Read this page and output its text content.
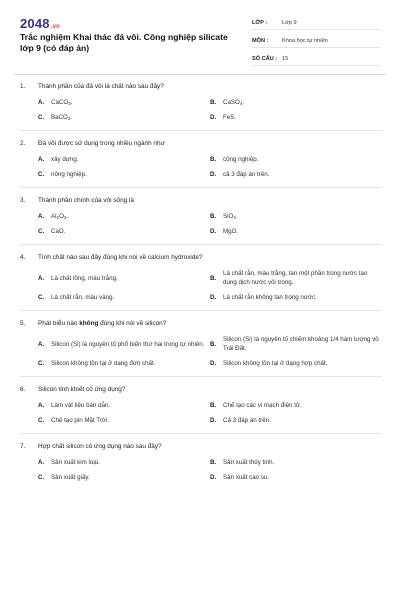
2048.vn
Trắc nghiệm Khai thác đá vôi. Công nghiệp silicate lớp 9 (có đáp án)
LỚP :	Lớp 9
MÔN :	Khoa học tự nhiên
SỐ CÂU : 15
1.	Thành phần của đá vôi là chất nào sau đây?
A.	CaCO$_3$.	B.	CaSO$_4$.
C.	BaCO$_3$.	D.	FeS.
2.	Đá vôi được sử dụng trong nhiều ngành như
A.	xây dựng.	B.	công nghiệp.
C.	nông nghiệp.	D.	cả 3 đáp án trên.
3.	Thành phần chính của vôi sống là
A.	$Al_2O_3$.	B.	SiO$_2$.
C.	CaO.	D.	MgO.
4.	Tính chất nào sau đây đúng khi nói về calcium hydroxide?
A.	Là chất lỏng, màu trắng.	B.
Là chất rắn, màu trắng, tan một phần trong nước tạo dung dịch nước vôi trong.
C.	Là chất rắn, màu vàng.	D.	Là chất rắn không tan trong nước.
5.	Phát biểu nào không đúng khi nói về silicon?
A.	Silicon (Si) là nguyên tố phổ biến thứ hai trong tự nhiên. B.
Silicon (Si) là nguyên tố chiếm khoảng 1/4 hàm lượng vỏ Trái Đất.
C.	Silicon không tồn tại ở dạng đơn chất.	D.	Silicon không tồn tại ở dạng hợp chất.
6.	Silicon tinh khiết có ứng dụng?
A.	Làm vật liệu bán dẫn.	B.	Chế tạo các vi mạch điện tử.
C.	Chế tạo pin Mặt Trời.	D.	Cả 3 đáp án trên.
7.	Hợp chất silicon có ứng dụng nào sau đây?
A.	Sản xuất kim loại.	B.	Sản xuất thủy tinh.
C.	Sản xuất giấy.	D.	Sản xuất cao su.
